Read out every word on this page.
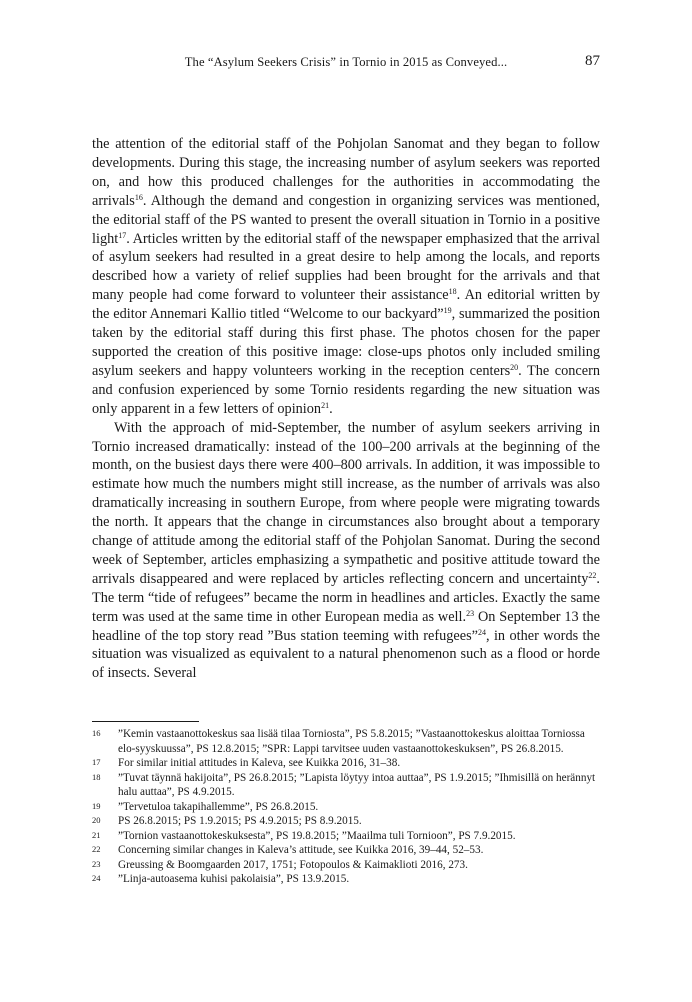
The “Asylum Seekers Crisis” in Tornio in 2015 as Conveyed...	87

the attention of the editorial staff of the Pohjolan Sanomat and they began to follow developments. During this stage, the increasing number of asylum seekers was reported on, and how this produced challenges for the authorities in accommodating the arrivals$^{16}$. Although the demand and congestion in organizing services was mentioned, the editorial staff of the PS wanted to present the overall situation in Tornio in a positive light$^{17}$. Articles written by the editorial staff of the newspaper emphasized that the arrival of asylum seekers had resulted in a great desire to help among the locals, and reports described how a variety of relief supplies had been brought for the arrivals and that many people had come forward to volunteer their assistance$^{18}$. An editorial written by the editor Annemari Kallio titled “Welcome to our backyard”$^{19}$, summarized the position taken by the editorial staff during this first phase. The photos chosen for the paper supported the creation of this positive image: close-ups photos only included smiling asylum seekers and happy volunteers working in the reception centers$^{20}$. The concern and confusion experienced by some Tornio residents regarding the new situation was only apparent in a few letters of opinion$^{21}$.

With the approach of mid-September, the number of asylum seekers arriving in Tornio increased dramatically: instead of the 100–200 arrivals at the beginning of the month, on the busiest days there were 400–800 arrivals. In addition, it was impossible to estimate how much the numbers might still increase, as the number of arrivals was also dramatically increasing in southern Europe, from where people were migrating towards the north. It appears that the change in circumstances also brought about a temporary change of attitude among the editorial staff of the Pohjolan Sanomat. During the second week of September, articles emphasizing a sympathetic and positive attitude toward the arrivals disappeared and were replaced by articles reflecting concern and uncertainty$^{22}$. The term “tide of refugees” became the norm in headlines and articles. Exactly the same term was used at the same time in other European media as well.$^{23}$ On September 13 the headline of the top story read ”Bus station teeming with refugees”$^{24}$, in other words the situation was visualized as equivalent to a natural phenomenon such as a flood or horde of insects. Several

16	”Kemin vastaanottokeskus saa lisää tilaa Torniosta”, PS 5.8.2015; ”Vastaanottokeskus aloittaa Torniossa elo-syyskuussa”, PS 12.8.2015; ”SPR: Lappi tarvitsee uuden vastaanottokeskuksen”, PS 26.8.2015.
17	For similar initial attitudes in Kaleva, see Kuikka 2016, 31–38.
18	”Tuvat täynnä hakijoita”, PS 26.8.2015; ”Lapista löytyy intoa auttaa”, PS 1.9.2015; ”Ihmisillä on herännyt halu auttaa”, PS 4.9.2015.
19	”Tervetuloa takapihallemme”, PS 26.8.2015.
20	PS 26.8.2015; PS 1.9.2015; PS 4.9.2015; PS 8.9.2015.
21	”Tornion vastaanottokeskuksesta”, PS 19.8.2015; ”Maailma tuli Tornioon”, PS 7.9.2015.
22	Concerning similar changes in Kaleva’s attitude, see Kuikka 2016, 39–44, 52–53.
23	Greussing & Boomgaarden 2017, 1751; Fotopoulos & Kaimaklioti 2016, 273.
24	”Linja-autoasema kuhisi pakolaisia”, PS 13.9.2015.
